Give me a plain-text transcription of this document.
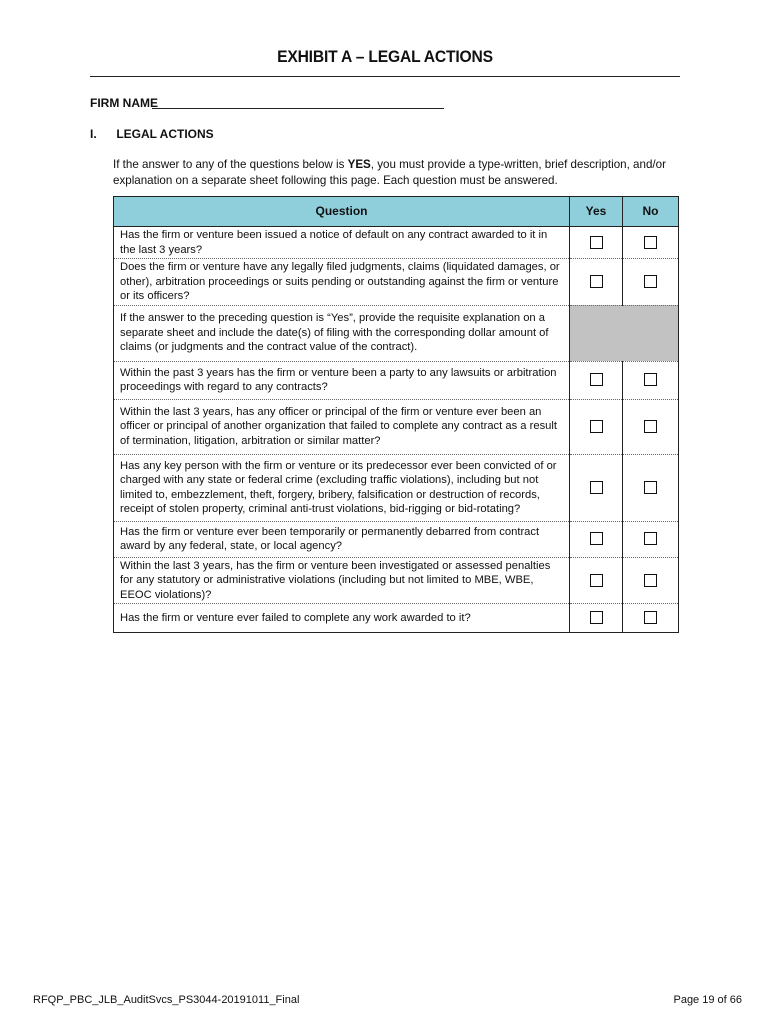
EXHIBIT A – LEGAL ACTIONS
FIRM NAME
I. LEGAL ACTIONS
If the answer to any of the questions below is YES, you must provide a type-written, brief description, and/or explanation on a separate sheet following this page. Each question must be answered.
Question	Yes	No
Has the firm or venture been issued a notice of default on any contract awarded to it in the last 3 years?		
Does the firm or venture have any legally filed judgments, claims (liquidated damages, or other), arbitration proceedings or suits pending or outstanding against the firm or venture or its officers?		
If the answer to the preceding question is “Yes”, provide the requisite explanation on a separate sheet and include the date(s) of filing with the corresponding dollar amount of claims (or judgments and the contract value of the contract).		
Within the past 3 years has the firm or venture been a party to any lawsuits or arbitration proceedings with regard to any contracts?		
Within the last 3 years, has any officer or principal of the firm or venture ever been an officer or principal of another organization that failed to complete any contract as a result of termination, litigation, arbitration or similar matter?		
Has any key person with the firm or venture or its predecessor ever been convicted of or charged with any state or federal crime (excluding traffic violations), including but not limited to, embezzlement, theft, forgery, bribery, falsification or destruction of records, receipt of stolen property, criminal anti-trust violations, bid-rigging or bid-rotating?		
Has the firm or venture ever been temporarily or permanently debarred from contract award by any federal, state, or local agency?		
Within the last 3 years, has the firm or venture been investigated or assessed penalties for any statutory or administrative violations (including but not limited to MBE, WBE, EEOC violations)?		
Has the firm or venture ever failed to complete any work awarded to it?		
RFQP_PBC_JLB_AuditSvcs_PS3044-20191011_Final	Page 19 of 66
